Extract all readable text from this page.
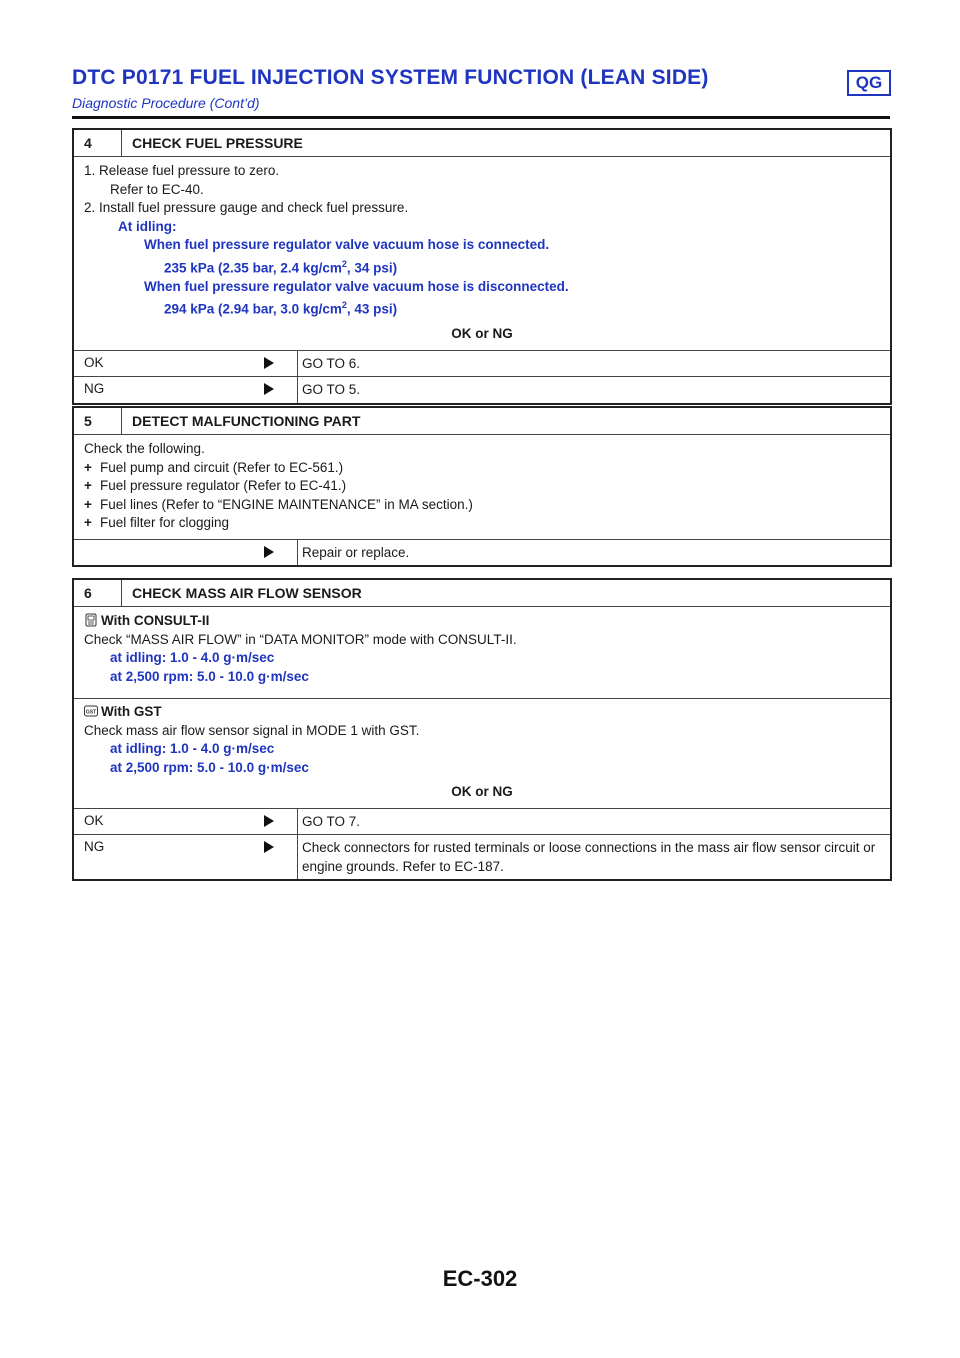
DTC P0171 FUEL INJECTION SYSTEM FUNCTION (LEAN SIDE)	QG
Diagnostic Procedure (Cont’d)
4	CHECK FUEL PRESSURE
1. Release fuel pressure to zero.
Refer to EC-40.
2. Install fuel pressure gauge and check fuel pressure.
At idling:
When fuel pressure regulator valve vacuum hose is connected.
235 kPa (2.35 bar, 2.4 $kg/cm^2$, 34 psi)
When fuel pressure regulator valve vacuum hose is disconnected.
294 kPa (2.94 bar, 3.0 $kg/cm^2$, 43 psi)
OK or NG
OK	GO TO 6.
NG	GO TO 5.
5	DETECT MALFUNCTIONING PART
Check the following.
+ Fuel pump and circuit (Refer to EC-561.)
+ Fuel pressure regulator (Refer to EC-41.)
+ Fuel lines (Refer to “ENGINE MAINTENANCE” in MA section.)
+ Fuel filter for clogging
Repair or replace.
6	CHECK MASS AIR FLOW SENSOR
With CONSULT-II
Check “MASS AIR FLOW” in “DATA MONITOR” mode with CONSULT-II.
at idling: 1.0 - 4.0 g·m/sec
at 2,500 rpm: 5.0 - 10.0 g·m/sec
GST With GST
Check mass air flow sensor signal in MODE 1 with GST.
at idling: 1.0 - 4.0 g·m/sec
at 2,500 rpm: 5.0 - 10.0 g·m/sec
OK or NG
OK	GO TO 7.
NG	Check connectors for rusted terminals or loose connections in the mass air flow sensor circuit or engine grounds. Refer to EC-187.
EC-302
